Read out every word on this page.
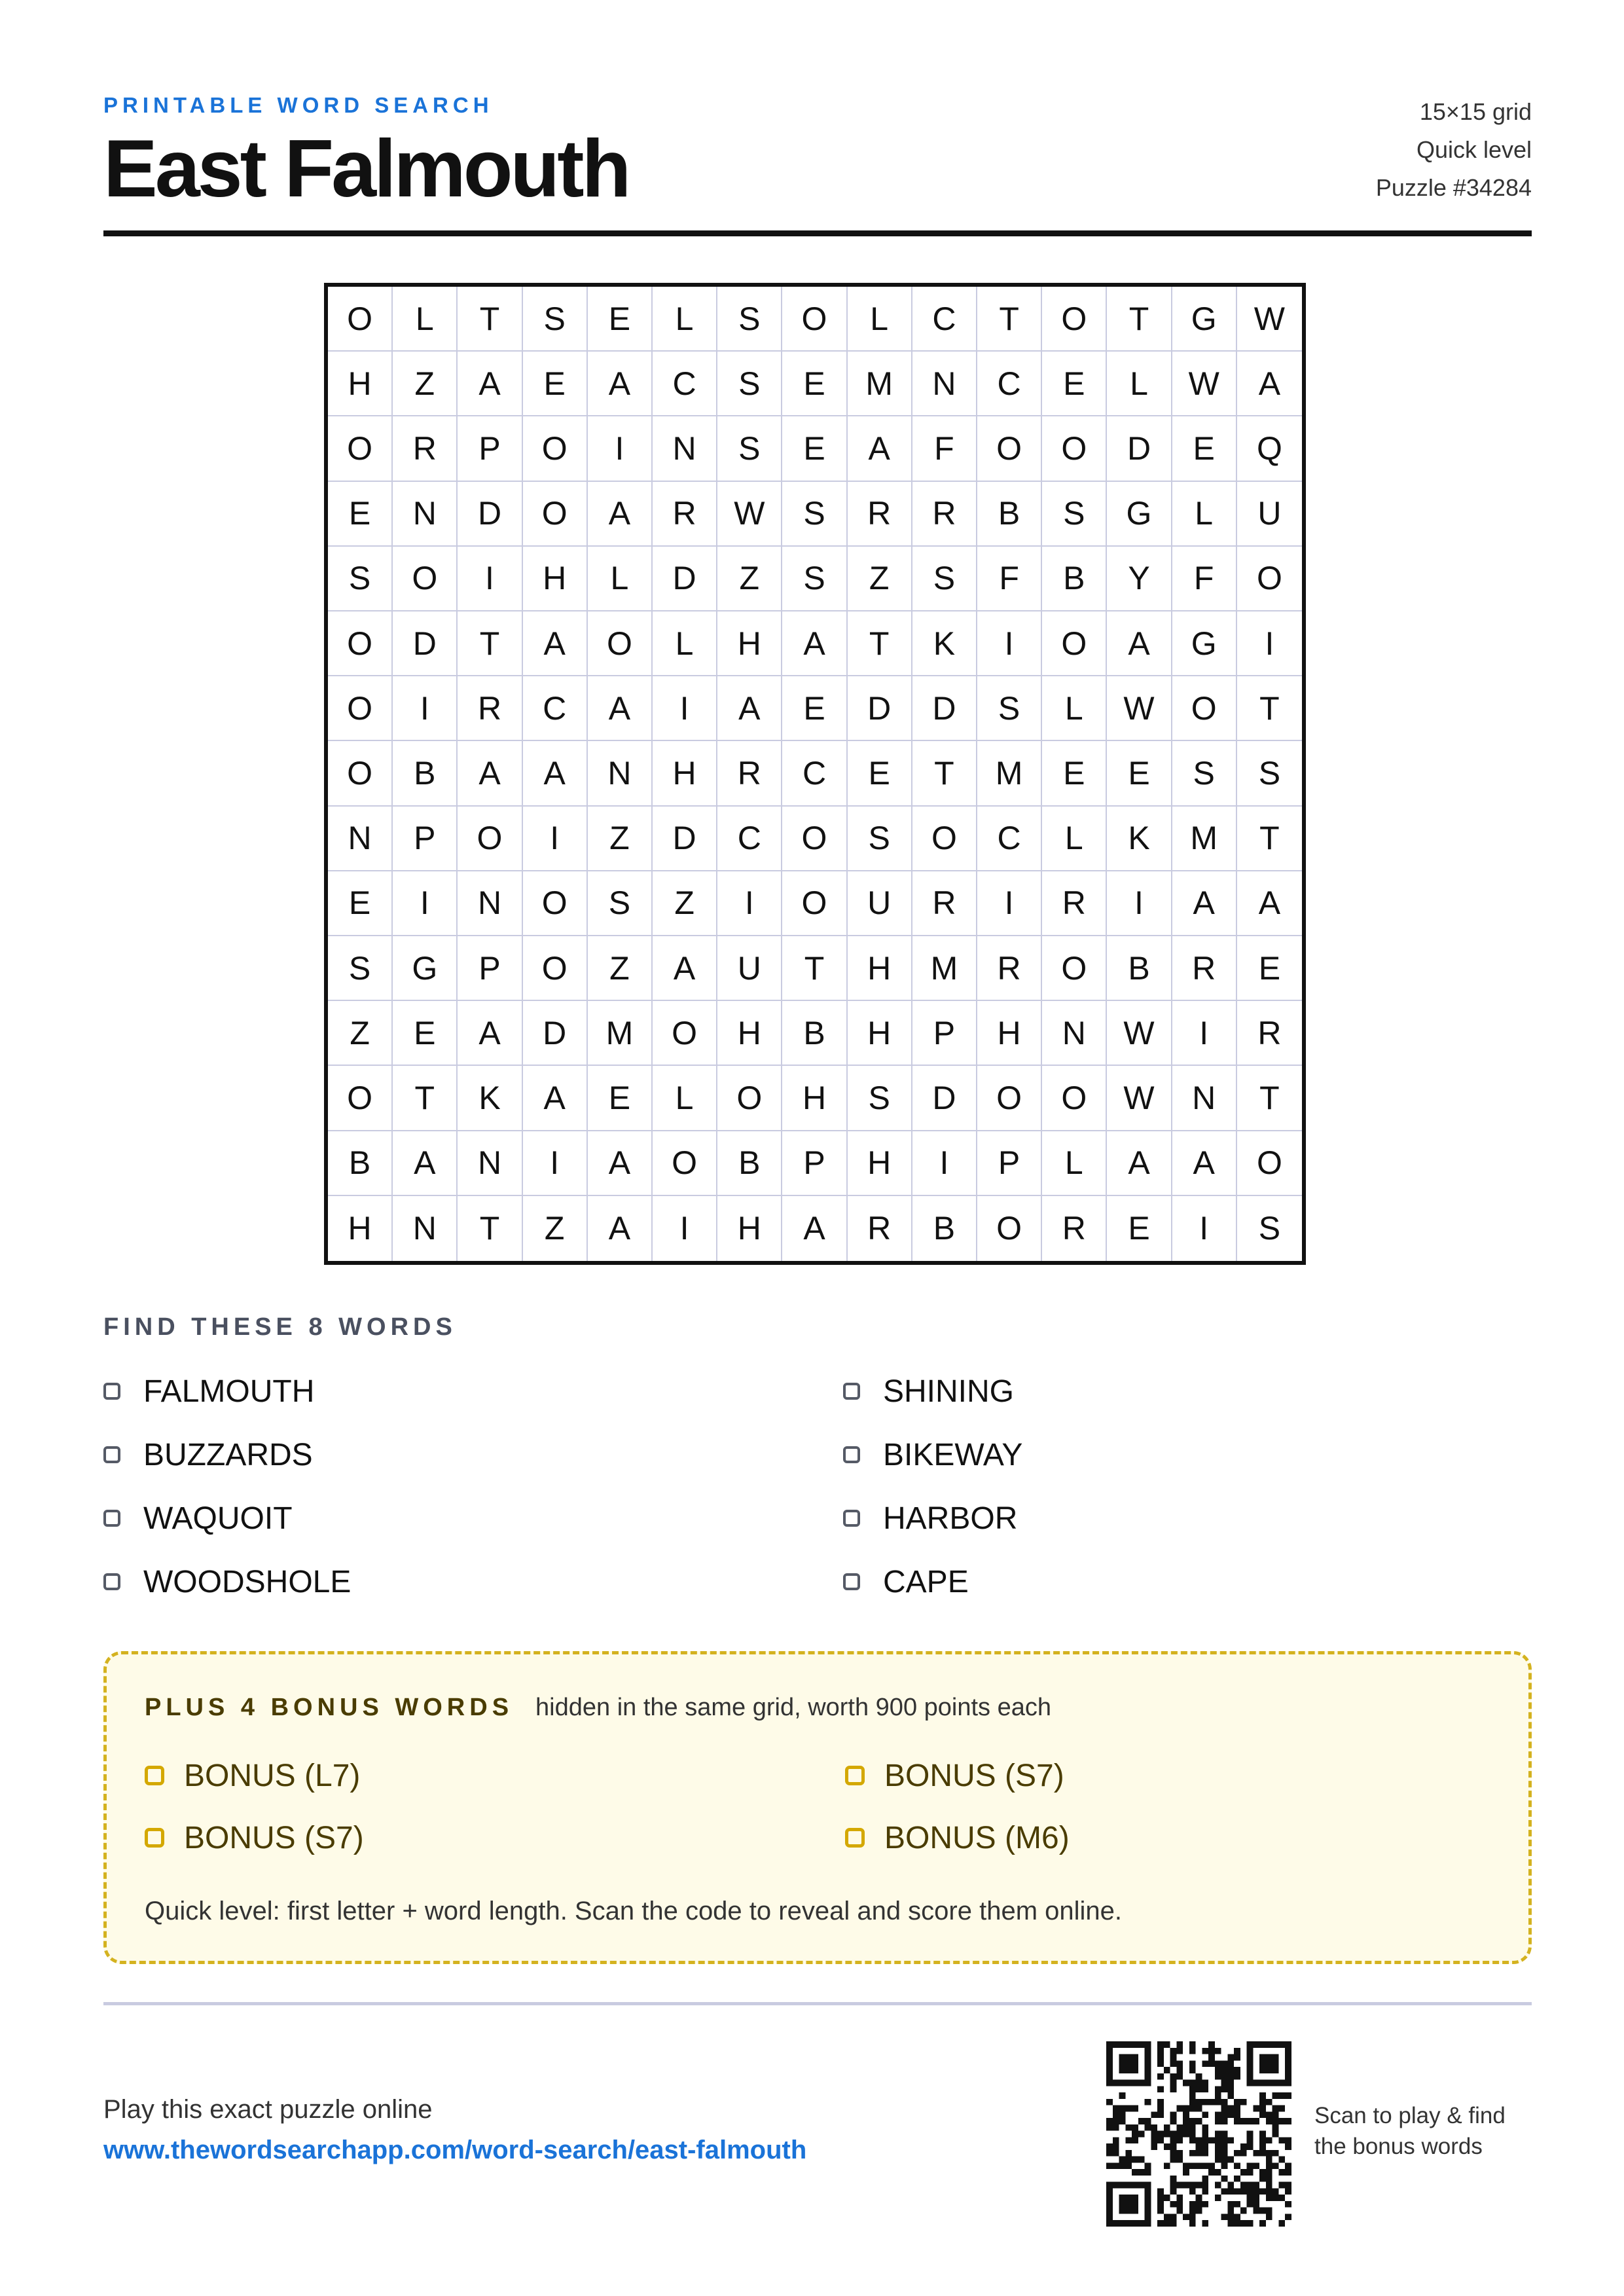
PRINTABLE WORD SEARCH
East Falmouth
15×15 grid
Quick level
Puzzle #34284
O	L	T	S	E	L	S	O	L	C	T	O	T	G	W
H	Z	A	E	A	C	S	E	M	N	C	E	L	W	A
O	R	P	O	I	N	S	E	A	F	O	O	D	E	Q
E	N	D	O	A	R	W	S	R	R	B	S	G	L	U
S	O	I	H	L	D	Z	S	Z	S	F	B	Y	F	O
O	D	T	A	O	L	H	A	T	K	I	O	A	G	I
O	I	R	C	A	I	A	E	D	D	S	L	W	O	T
O	B	A	A	N	H	R	C	E	T	M	E	E	S	S
N	P	O	I	Z	D	C	O	S	O	C	L	K	M	T
E	I	N	O	S	Z	I	O	U	R	I	R	I	A	A
S	G	P	O	Z	A	U	T	H	M	R	O	B	R	E
Z	E	A	D	M	O	H	B	H	P	H	N	W	I	R
O	T	K	A	E	L	O	H	S	D	O	O	W	N	T
B	A	N	I	A	O	B	P	H	I	P	L	A	A	O
H	N	T	Z	A	I	H	A	R	B	O	R	E	I	S
FIND THESE 8 WORDS
FALMOUTH	SHINING
BUZZARDS	BIKEWAY
WAQUOIT	HARBOR
WOODSHOLE	CAPE
PLUS 4 BONUS WORDS hidden in the same grid, worth 900 points each
BONUS (L7)	BONUS (S7)
BONUS (S7)	BONUS (M6)
Quick level: first letter + word length. Scan the code to reveal and score them online.
Play this exact puzzle online
www.thewordsearchapp.com/word-search/east-falmouth
Scan to play & find the bonus words
